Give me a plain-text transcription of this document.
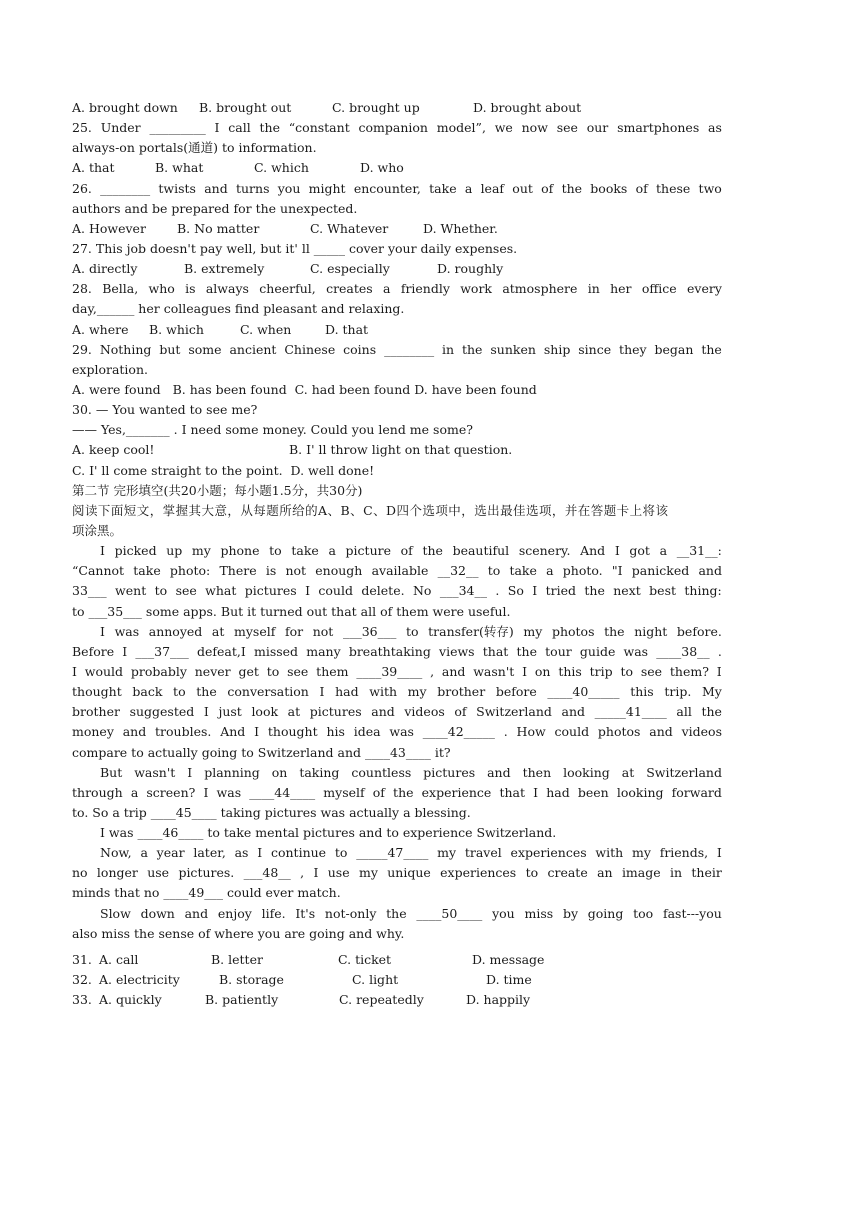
A. brought down	B. brought out	C. brought up	D. brought about
25. Under _________ I call the “constant companion model”, we now see our smartphones as
always-on portals(通道) to information.
A. that	B. what	C. which	D. who
26. ________ twists and turns you might encounter, take a leaf out of the books of these two
authors and be prepared for the unexpected.
A. However	B. No matter	C. Whatever	D. Whether.
27. This job doesn't pay well, but it' ll _____ cover your daily expenses.
A. directly	B. extremely	C. especially	D. roughly
28. Bella, who is always cheerful, creates a friendly work atmosphere in her office every
day,______ her colleagues find pleasant and relaxing.
A. where	B. which	C. when	D. that
29. Nothing but some ancient Chinese coins ________ in the sunken ship since they began the
exploration.
A. were found   B. has been found  C. had been found D. have been found
30. — You wanted to see me?
—— Yes,_______ . I need some money. Could you lend me some?
A. keep cool!	B. I' ll throw light on that question.
C. I' ll come straight to the point.  D. well done!
第二节 完形填空(共20小题；每小题1.5分，共30分)
阅读下面短文，掌握其大意，从每题所给的A、B、C、D四个选项中，选出最佳选项，并在答题卡上将该
项涂黑。
I picked up my phone to take a picture of the beautiful scenery. And I got a __31__:
“Cannot take photo: There is not enough available __32__ to take a photo. "I panicked and
33___ went to see what pictures I could delete. No ___34__ . So I tried the next best thing:
to ___35___ some apps. But it turned out that all of them were useful.
I was annoyed at myself for not ___36___ to transfer(转存) my photos the night before.
Before I ___37___ defeat,I missed many breathtaking views that the tour guide was ____38__ .
I would probably never get to see them ____39____ , and wasn't I on this trip to see them? I
thought back to the conversation I had with my brother before ____40_____ this trip. My
brother suggested I just look at pictures and videos of Switzerland and _____41____ all the
money and troubles. And I thought his idea was ____42_____ . How could photos and videos
compare to actually going to Switzerland and ____43____ it?
But wasn't I planning on taking countless pictures and then looking at Switzerland
through a screen? I was ____44____ myself of the experience that I had been looking forward
to. So a trip ____45____ taking pictures was actually a blessing.
I was ____46____ to take mental pictures and to experience Switzerland.
Now, a year later, as I continue to _____47____ my travel experiences with my friends, I
no longer use pictures. ___48__ , I use my unique experiences to create an image in their
minds that no ____49___ could ever match.
Slow down and enjoy life. It's not-only the ____50____ you miss by going too fast---you
also miss the sense of where you are going and why.
31. A. call	B. letter	C. ticket	D. message
32. A. electricity	B. storage	C. light	D. time
33. A. quickly	B. patiently	C. repeatedly	D. happily
